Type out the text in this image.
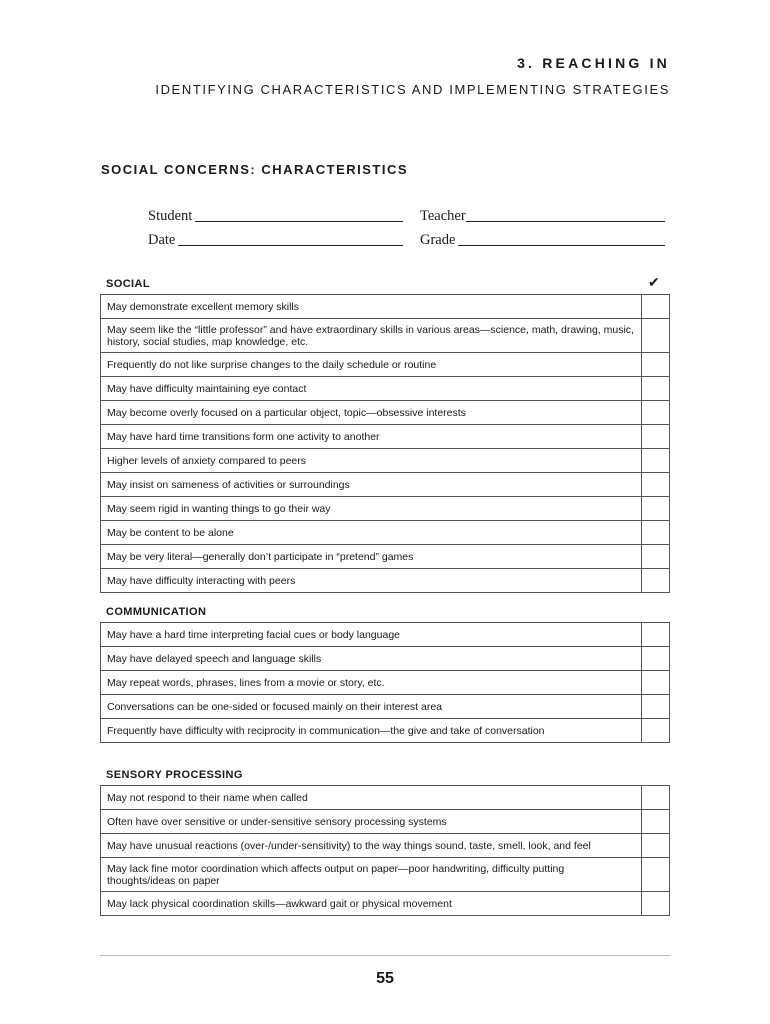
3. REACHING IN
IDENTIFYING CHARACTERISTICS AND IMPLEMENTING STRATEGIES
SOCIAL CONCERNS: CHARACTERISTICS
Student	Teacher
Date	Grade
✔
SOCIAL
May demonstrate excellent memory skills	
May seem like the “little professor” and have extraordinary skills in various areas—science, math, drawing, music, history, social studies, map knowledge, etc.	
Frequently do not like surprise changes to the daily schedule or routine	
May have difficulty maintaining eye contact	
May become overly focused on a particular object, topic—obsessive interests	
May have hard time transitions form one activity to another	
Higher levels of anxiety compared to peers	
May insist on sameness of activities or surroundings	
May seem rigid in wanting things to go their way	
May be content to be alone	
May be very literal—generally don’t participate in “pretend” games	
May have difficulty interacting with peers	
COMMUNICATION
May have a hard time interpreting facial cues or body language	
May have delayed speech and language skills	
May repeat words, phrases, lines from a movie or story, etc.	
Conversations can be one-sided or focused mainly on their interest area	
Frequently have difficulty with reciprocity in communication—the give and take of conversation	
SENSORY PROCESSING
May not respond to their name when called	
Often have over sensitive or under-sensitive sensory processing systems	
May have unusual reactions (over-/under-sensitivity) to the way things sound, taste, smell, look, and feel	
May lack fine motor coordination which affects output on paper—poor handwriting, difficulty putting thoughts/ideas on paper	
May lack physical coordination skills—awkward gait or physical movement	
55
